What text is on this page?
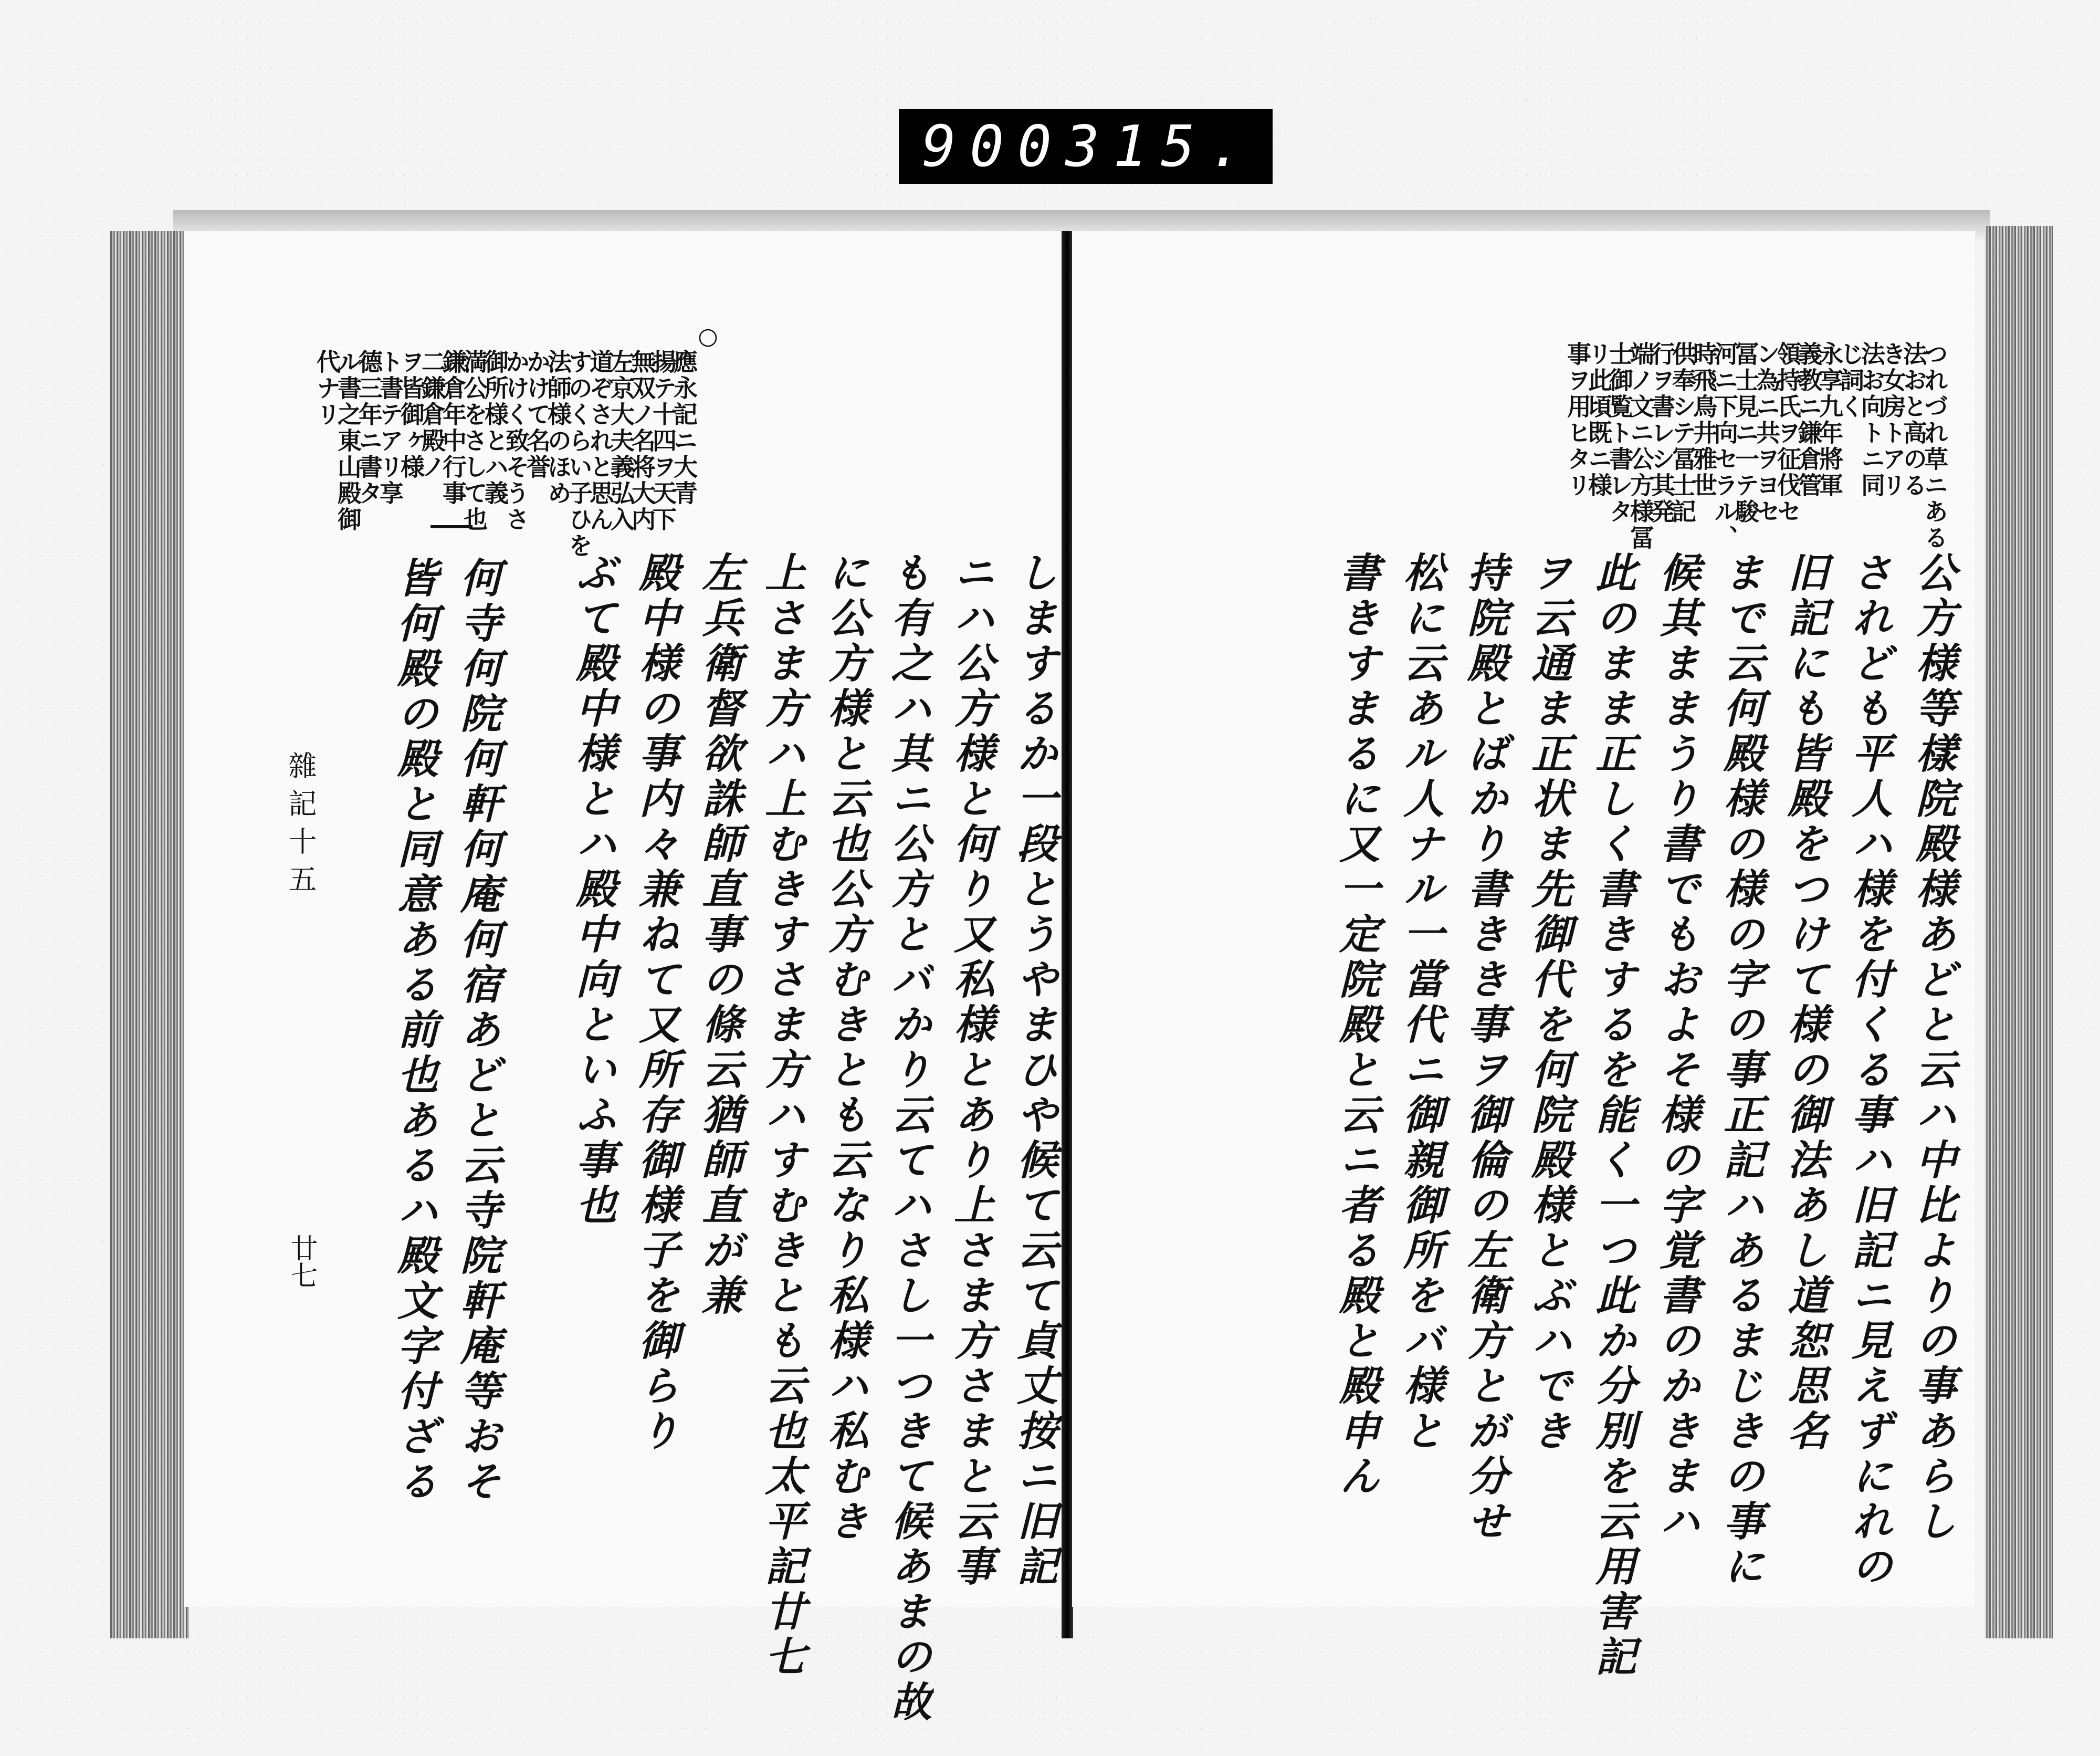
900 315.
○
雜記十五
廿七
應永記ニ大青
揚テ十四ヲ天下
無双ノ名将大内
左京大夫義弘入
道ぞされと思ん
すのくらい子ひを
法師様のほめ
かけて名誉
かけく致そうさ
御所様とハ義
満公をさして也
鎌倉年中行事
二鎌倉殿ノ
ヲ皆御ヶ様
ト書テアリ享
德三年ニ書タ
ル書之東山殿御
代ナリ
しまするか一段とうやまひや候て云て貞丈按ニ旧記
ニハ公方様と何り又私様とあり上さま方さまと云事
も有之ハ其ニ公方とバかり云てハさし一つきて候あまの故
に公方様と云也公方むきとも云なり私様ハ私むき
上さま方ハ上むきすさま方ハすむきとも云也太平記廿七
左兵衛督欲誅師直事の條云猶師直が兼
殿中様の事内々兼ねて又所存御様子を御らり
ぶて殿中様とハ殿中向といふ事也
何寺何院何軒何庵何宿あどと云寺院軒庵等おそ
皆何殿の殿と同意ある前也あるハ殿文字付ざる
つれづれ草ニある
法おと高のる
き女房トアリ
法お向トニ同
じ詞く
永享九年將軍
義教ニ鎌倉管
領持氏ヲ征伐セ
ン為ニ共ヲヨセ
冨士見ニ一テ駿
河ニ下向セラル、
時飛鳥井雅世
供奉シテ冨士記
行ヲ書レシ其発
端ノ文ニ公方様冨
士御覧ト書レタ
リ此頃既ニ様
事ヲ用ヒタリ
公方様等樣院殿様あどと云ハ中比よりの事あらし
されども平人ハ様を付くる事ハ旧記ニ見えずにれの
旧記にも皆殿をつけて様の御法あし道恕思名
まで云何殿様の様の字の事正記ハあるまじきの事に
候其ままうり書でもおよそ様の字覚書のかきまハ
此のまま正しく書きするを能く一つ此か分別を云用害記
ヲ云通ま正状ま先御代を何院殿様とぶハでき
持院殿とばかり書きき事ヲ御倫の左衛方とが分せ
松に云あル人ナル一當代ニ御親御所をバ様と
書きすまるに又一定院殿と云ニ者る殿と殿申ん
